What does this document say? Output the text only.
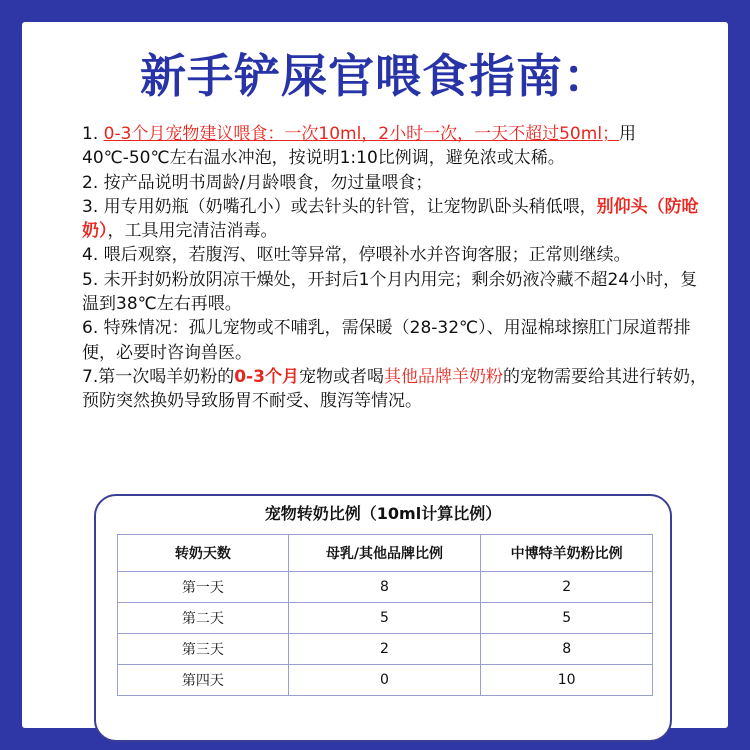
新手铲屎官喂食指南：

1. 0-3个月宠物建议喂食：一次10ml，2小时一次，一天不超过50ml；用40℃-50℃左右温水冲泡，按说明1:10比例调，避免浓或太稀。

2. 按产品说明书周龄/月龄喂食，勿过量喂食；

3. 用专用奶瓶（奶嘴孔小）或去针头的针管，让宠物趴卧头稍低喂，别仰头（防呛奶），工具用完清洁消毒。

4. 喂后观察，若腹泻、呕吐等异常，停喂补水并咨询客服；正常则继续。

5. 未开封奶粉放阴凉干燥处，开封后1个月内用完；剩余奶液冷藏不超24小时，复温到38℃左右再喂。

6. 特殊情况：孤儿宠物或不哺乳，需保暖（28-32℃）、用湿棉球擦肛门尿道帮排便，必要时咨询兽医。

7.第一次喝羊奶粉的0-3个月宠物或者喝其他品牌羊奶粉的宠物需要给其进行转奶，预防突然换奶导致肠胃不耐受、腹泻等情况。

宠物转奶比例（10ml计算比例）
转奶天数	母乳/其他品牌比例	中博特羊奶粉比例
第一天	8	2
第二天	5	5
第三天	2	8
第四天	0	10
